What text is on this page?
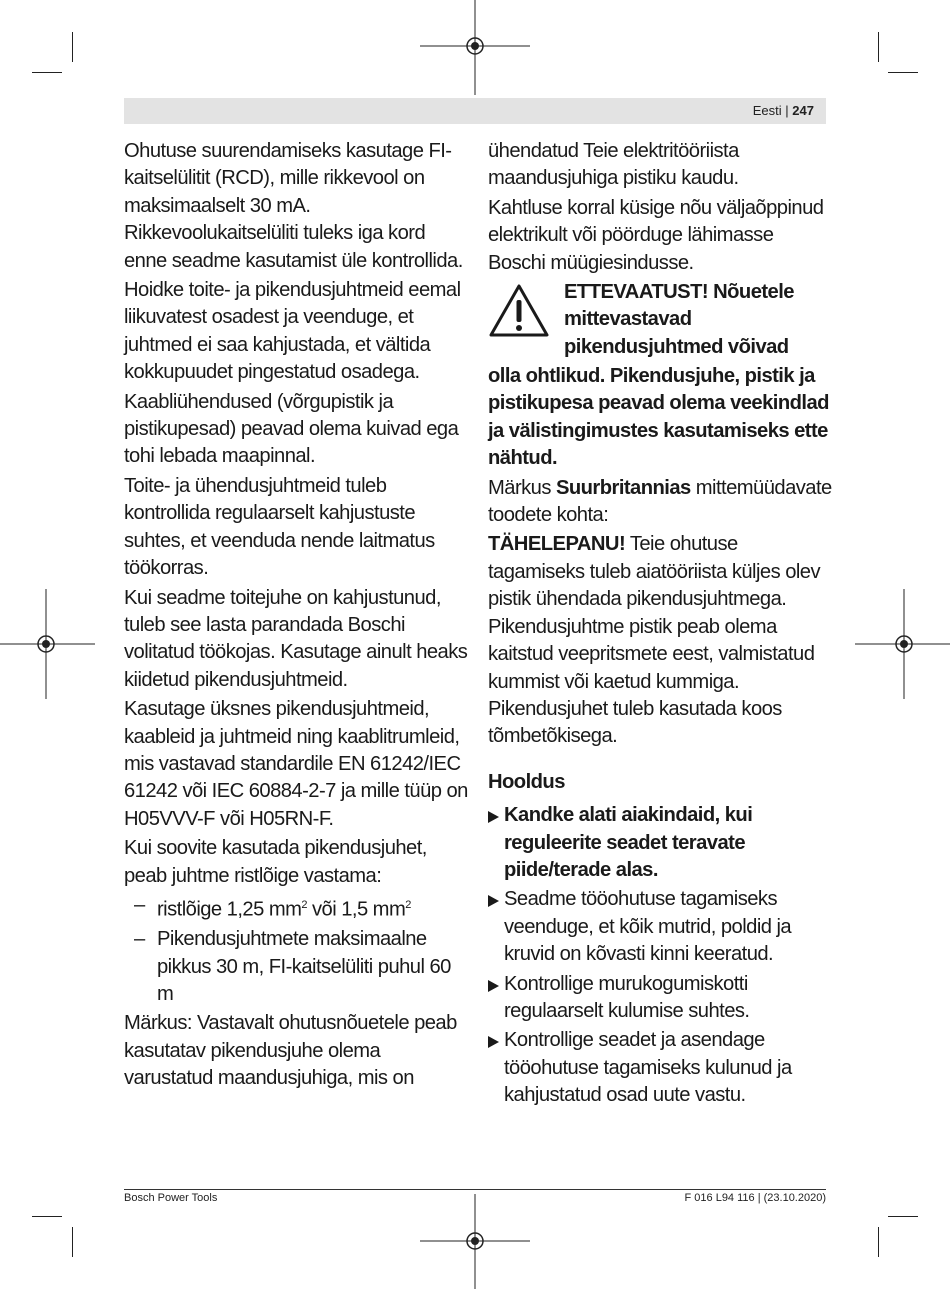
Eesti | 247

Ohutuse suurendamiseks kasutage FI-kaitselülitit (RCD), mille rikkevool on maksimaalselt 30 mA. Rikkevoolukaitselüliti tuleks iga kord enne seadme kasutamist üle kontrollida.

Hoidke toite- ja pikendusjuhtmeid eemal liikuvatest osadest ja veenduge, et juhtmed ei saa kahjustada, et vältida kokkupuudet pingestatud osadega.

Kaabliühendused (võrgupistik ja pistikupesad) peavad olema kuivad ega tohi lebada maapinnal.

Toite- ja ühendusjuhtmeid tuleb kontrollida regulaarselt kahjustuste suhtes, et veenduda nende laitmatus töökorras.

Kui seadme toitejuhe on kahjustunud, tuleb see lasta parandada Boschi volitatud töökojas. Kasutage ainult heaks kiidetud pikendusjuhtmeid.

Kasutage üksnes pikendusjuhtmeid, kaableid ja juhtmeid ning kaablitrumleid, mis vastavad standardile EN 61242/IEC 61242 või IEC 60884-2-7 ja mille tüüp on H05VVV-F või H05RN-F.

Kui soovite kasutada pikendusjuhet, peab juhtme ristlõige vastama:

– ristlõige 1,25 $mm^2$ või 1,5 $mm^2$
– Pikendusjuhtmete maksimaalne pikkus 30 m, FI-kaitselüliti puhul 60 m

Märkus: Vastavalt ohutusnõuetele peab kasutatav pikendusjuhe olema varustatud maandusjuhiga, mis on

ühendatud Teie elektritööriista maandusjuhiga pistiku kaudu.

Kahtluse korral küsige nõu väljaõppinud elektrikult või pöörduge lähimasse Boschi müügiesindusse.

ETTEVAATUST! Nõuetele mittevastavad pikendusjuhtmed võivad

olla ohtlikud. Pikendusjuhe, pistik ja pistikupesa peavad olema veekindlad ja välistingimustes kasutamiseks ette nähtud.

Märkus Suurbritannias mittemüüdavate toodete kohta:

TÄHELEPANU! Teie ohutuse tagamiseks tuleb aiatööriista küljes olev pistik ühendada pikendusjuhtmega. Pikendusjuhtme pistik peab olema kaitstud veepritsmete eest, valmistatud kummist või kaetud kummiga. Pikendusjuhet tuleb kasutada koos tõmbetõkisega.

Hooldus

Kandke alati aiakindaid, kui reguleerite seadet teravate piide/terade alas.
Seadme tööohutuse tagamiseks veenduge, et kõik mutrid, poldid ja kruvid on kõvasti kinni keeratud.
Kontrollige murukogumiskotti regulaarselt kulumise suhtes.
Kontrollige seadet ja asendage tööohutuse tagamiseks kulunud ja kahjustatud osad uute vastu.
Bosch Power Tools	F 016 L94 116 | (23.10.2020)
